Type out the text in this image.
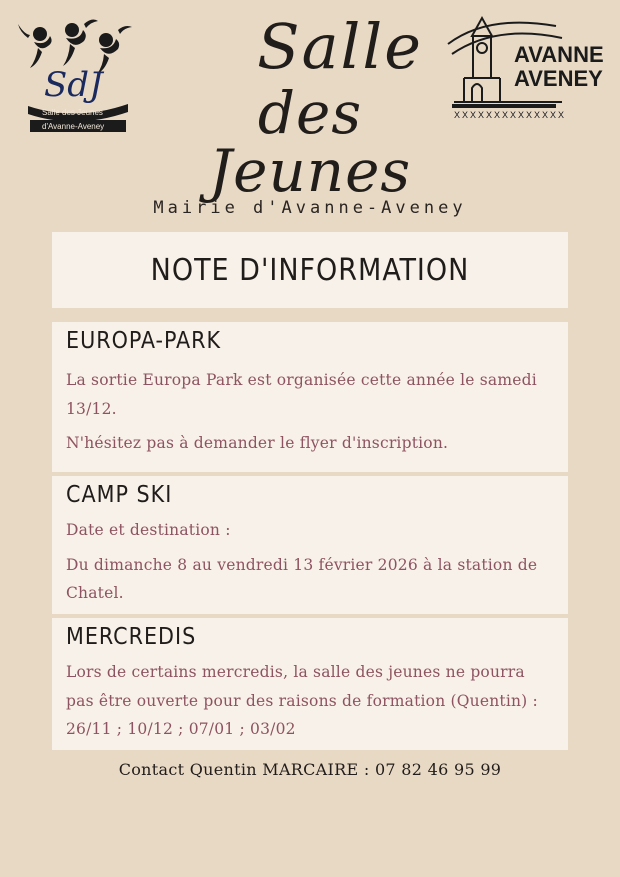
SdJ
Salle des Jeunes
d'Avanne-Aveney
Salle
des Jeunes
XXXXXXXXXXXXXX
AVANNE
AVENEY
Mairie d'Avanne-Aveney
NOTE D'INFORMATION
EUROPA-PARK

La sortie Europa Park est organisée cette année le samedi 13/12.

N'hésitez pas à demander le flyer d'inscription.

CAMP SKI

Date et destination :

Du dimanche 8 au vendredi 13 février 2026 à la station de Chatel.

MERCREDIS

Lors de certains mercredis, la salle des jeunes ne pourra pas être ouverte pour des raisons de formation (Quentin) : 26/11 ; 10/12 ; 07/01 ; 03/02

Contact Quentin MARCAIRE : 07 82 46 95 99
